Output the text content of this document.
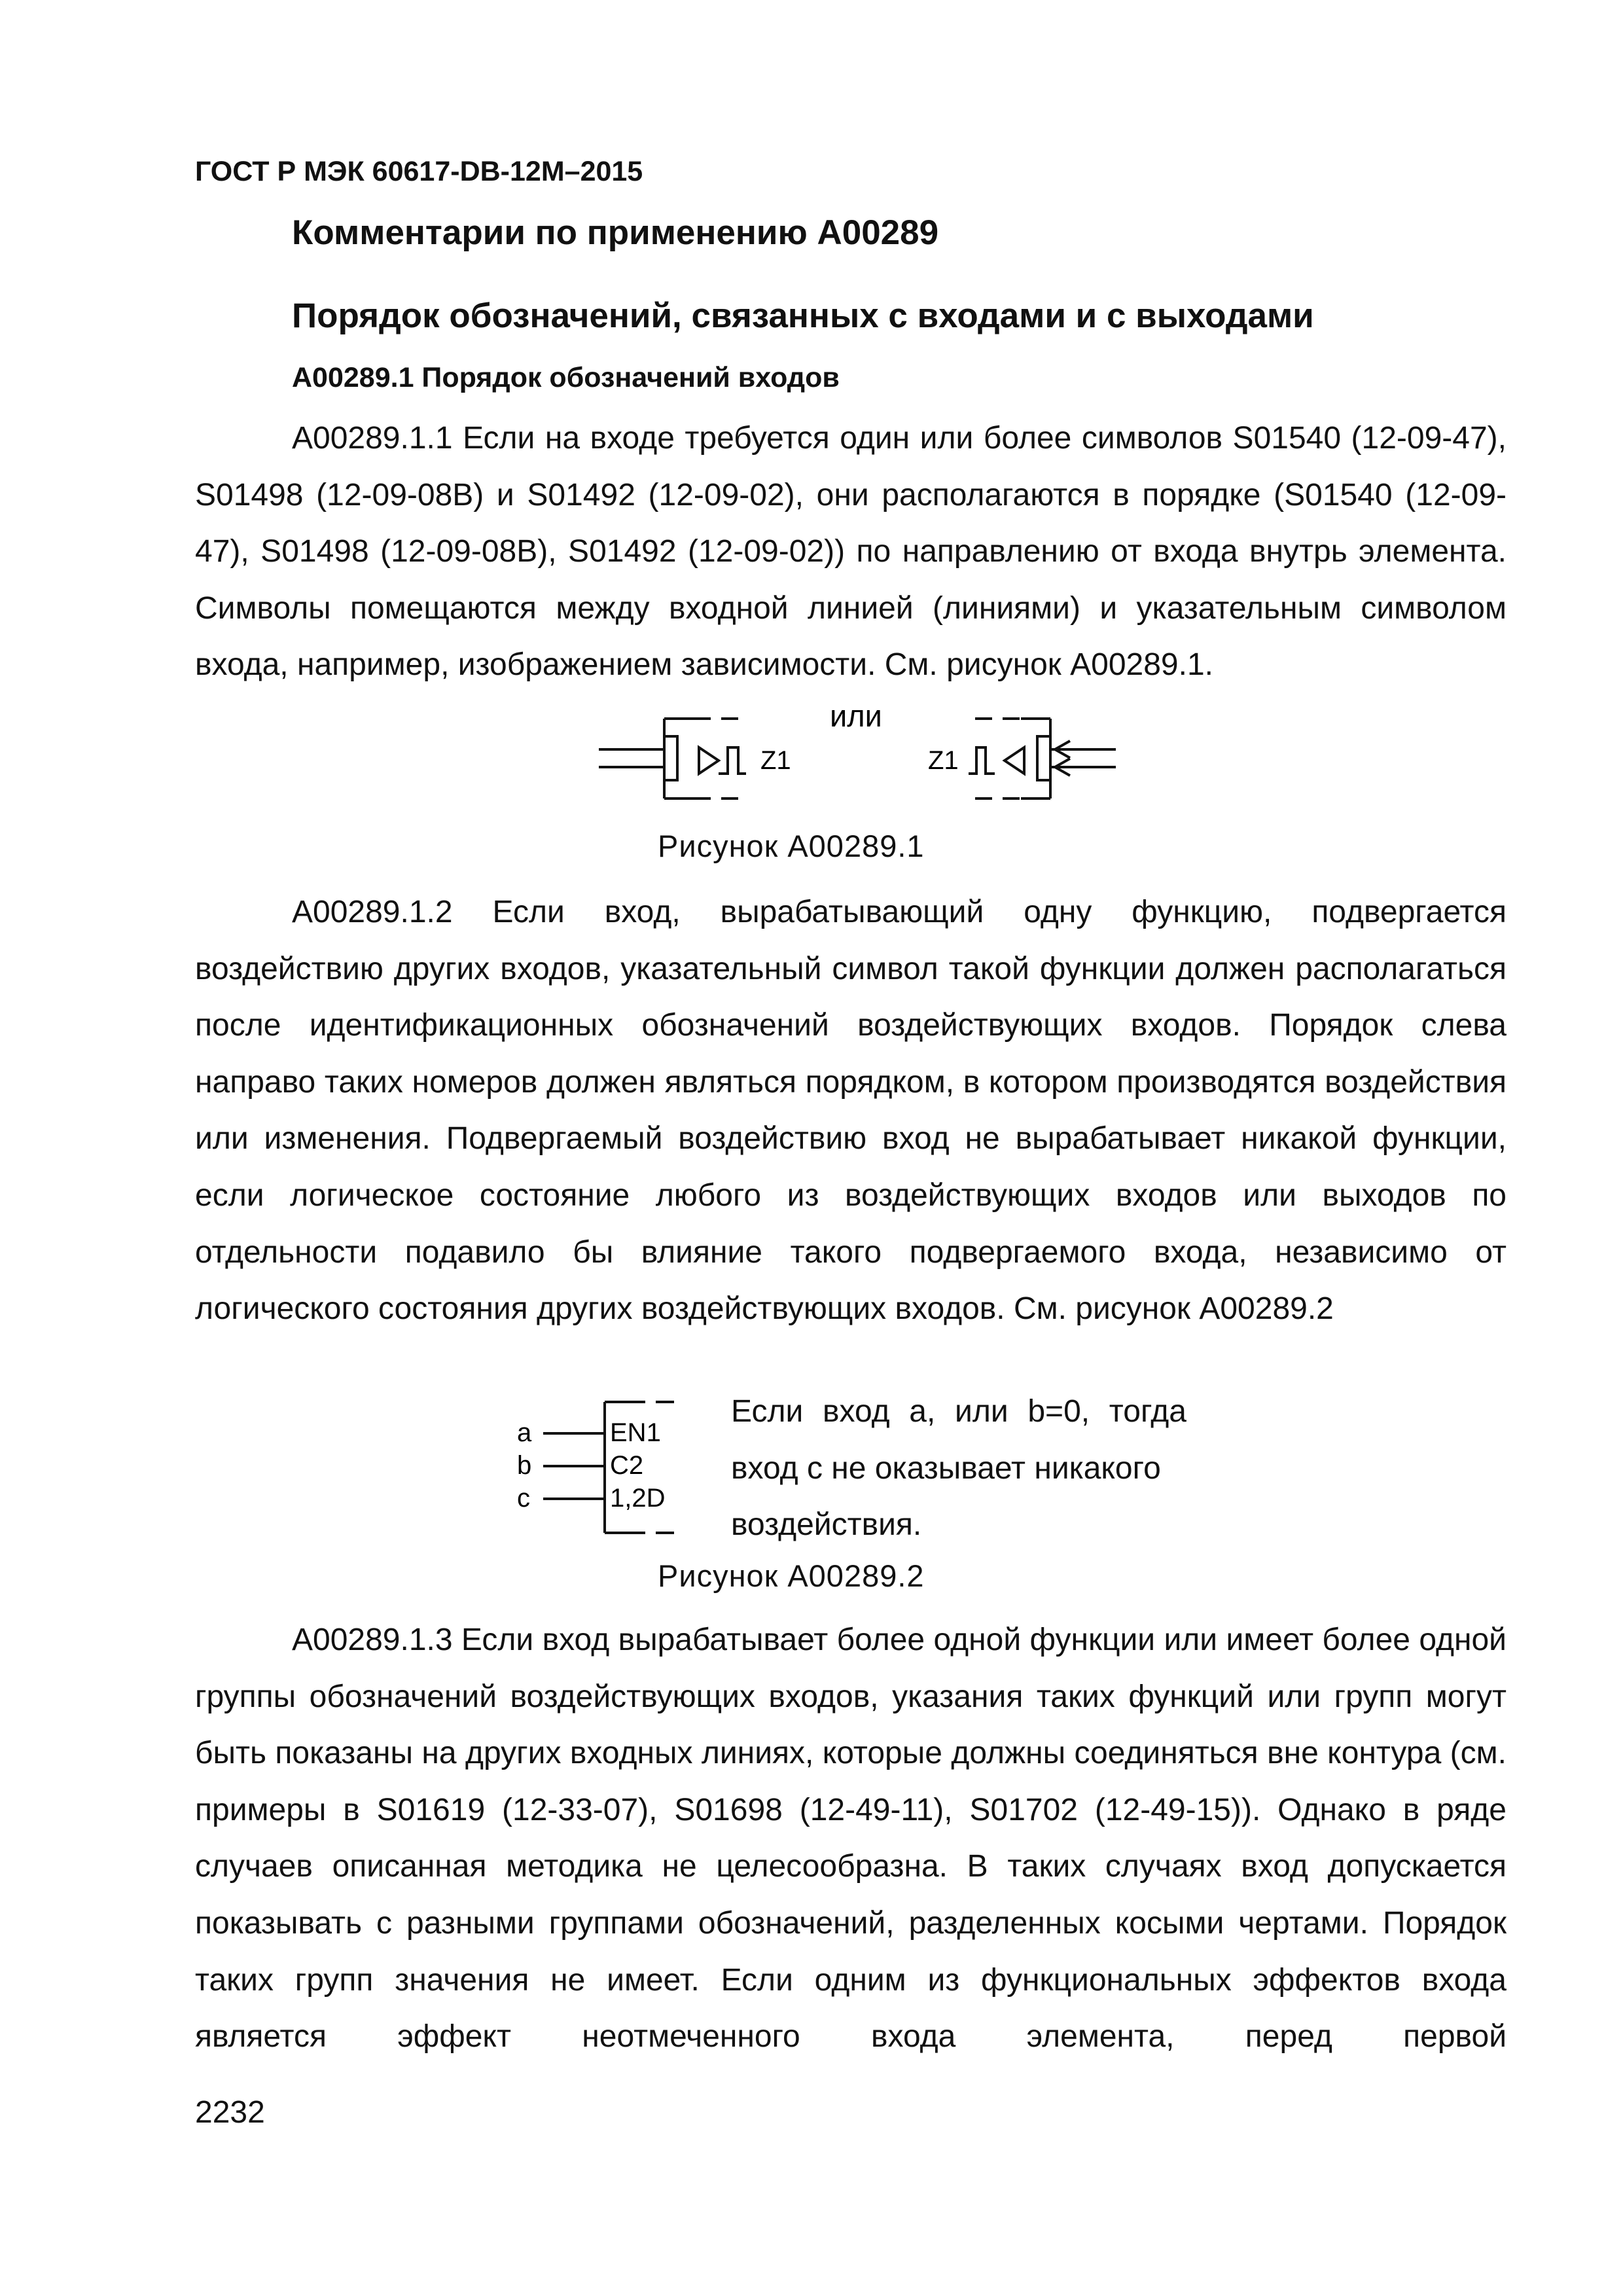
ГОСТ Р МЭК 60617-DB-12M–2015
Комментарии по применению А00289
Порядок обозначений, связанных с входами и с выходами
А00289.1 Порядок обозначений входов
А00289.1.1 Если на входе требуется один или более символов S01540 (12-09-47), S01498 (12-09-08В) и S01492 (12-09-02), они располагаются в порядке (S01540 (12-09-47), S01498 (12-09-08В), S01492 (12-09-02)) по направлению от входа внутрь элемента. Символы помещаются между входной линией (линиями) и указательным символом входа, например, изображением зависимости. См. рисунок А00289.1.
Z1	Z1
или
Рисунок А00289.1
А00289.1.2 Если вход, вырабатывающий одну функцию, подвергается воздействию других входов, указательный символ такой функции должен располагаться после идентификационных обозначений воздействующих входов. Порядок слева направо таких номеров должен являться порядком, в котором производятся воздействия или изменения. Подвергаемый воздействию вход не вырабатывает никакой функции, если логическое состояние любого из воздействующих входов или выходов по отдельности подавило бы влияние такого подвергаемого входа, независимо от логического состояния других воздействующих входов. См. рисунок А00289.2
a
b
c
EN1
C2
1,2D
Если вход a, или b=0, тогда
вход с не оказывает никакого
воздействия.
Рисунок А00289.2
А00289.1.3 Если вход вырабатывает более одной функции или имеет более одной группы обозначений воздействующих входов, указания таких функций или групп могут быть показаны на других входных линиях, которые должны соединяться вне контура (см. примеры в S01619 (12-33-07), S01698 (12-49-11), S01702 (12-49-15)). Однако в ряде случаев описанная методика не целесообразна. В таких случаях вход допускается показывать с разными группами обозначений, разделенных косыми чертами. Порядок таких групп значения не имеет. Если одним из функциональных эффектов входа является эффект неотмеченного входа элемента, перед первой
2232
